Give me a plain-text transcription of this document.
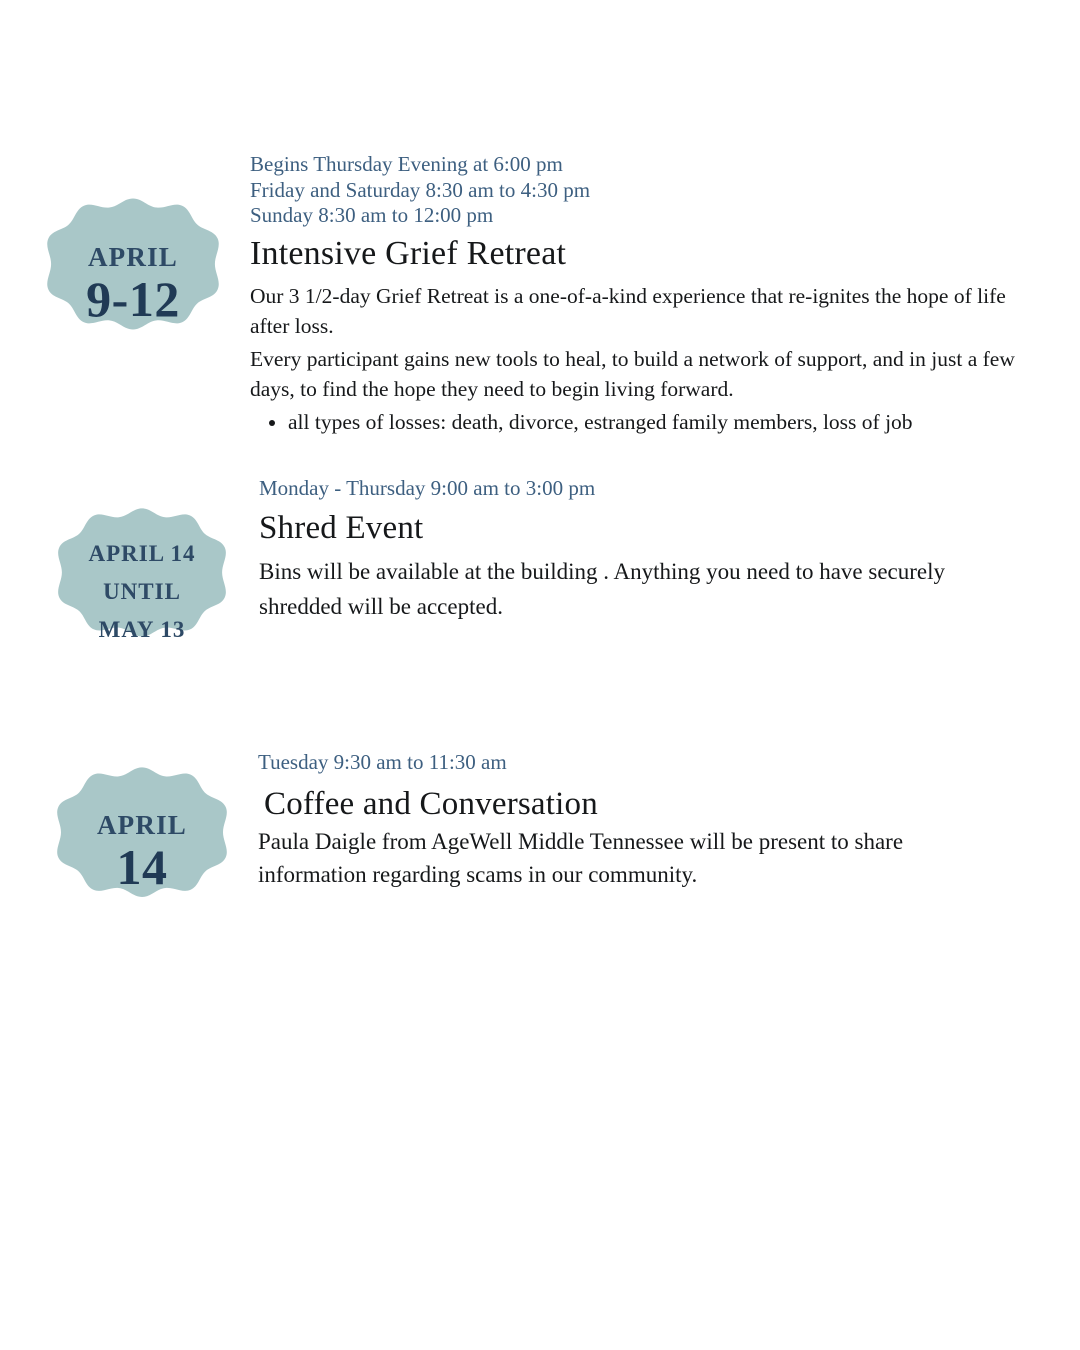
APRIL
9-12
Begins Thursday Evening at 6:00 pm
Friday and Saturday 8:30 am to 4:30 pm
Sunday 8:30 am to 12:00 pm
Intensive Grief Retreat

Our 3 1/2-day Grief Retreat is a one-of-a-kind experience that re-ignites the hope of life after loss.

Every participant gains new tools to heal, to build a network of support, and in just a few days, to find the hope they need to begin living forward.

• all types of losses: death, divorce, estranged family members, loss of job
APRIL 14
UNTIL
MAY 13
Monday - Thursday 9:00 am to 3:00 pm
Shred Event

Bins will be available at the building . Anything you need to have securely shredded will be accepted.

APRIL
14
Tuesday 9:30 am to 11:30 am
Coffee and Conversation

Paula Daigle from AgeWell Middle Tennessee will be present to share information regarding scams in our community.
